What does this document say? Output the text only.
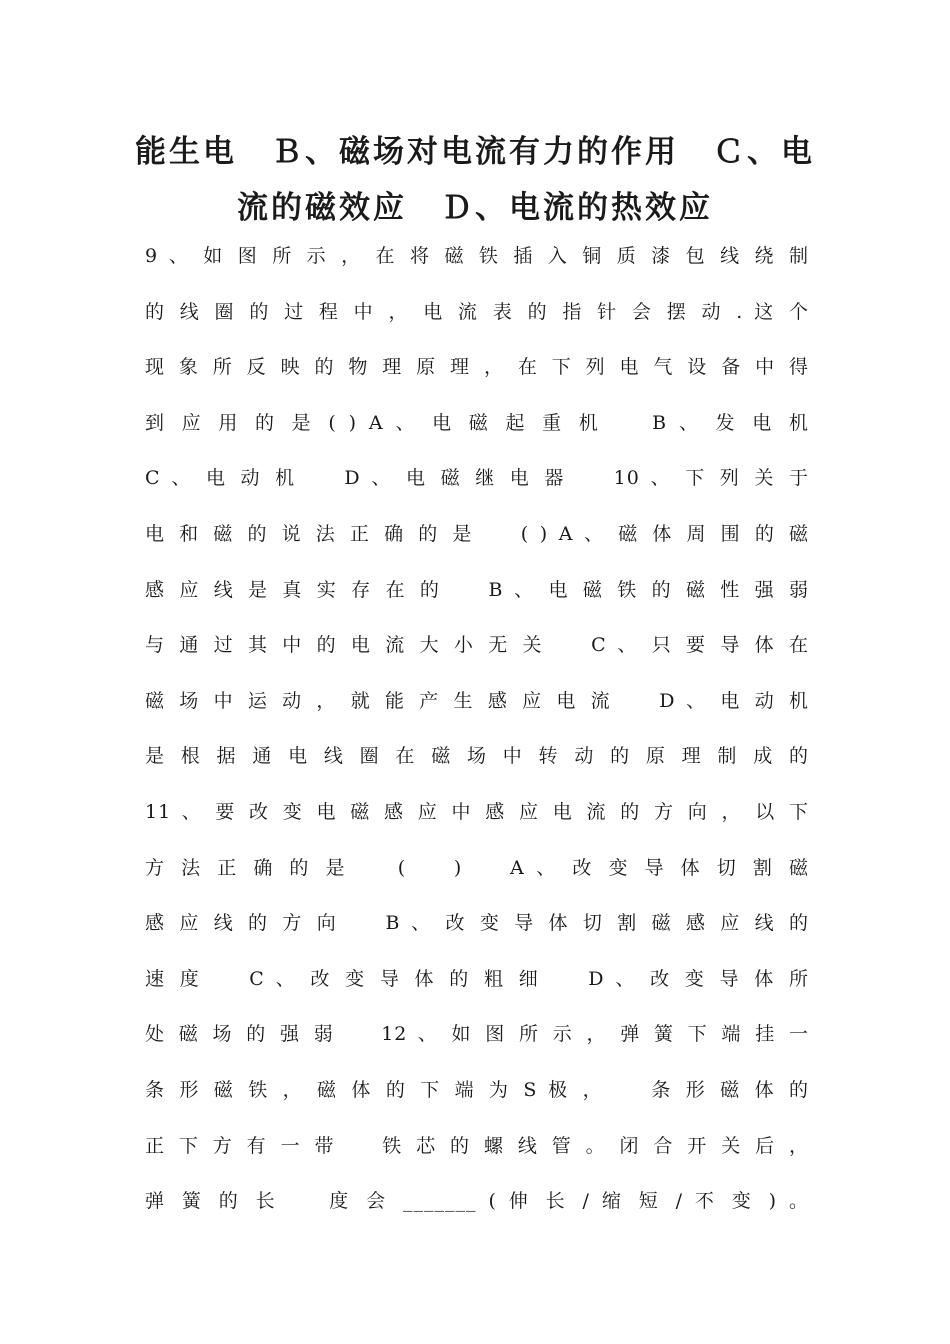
能生电　Ｂ、磁场对电流有力的作用　Ｃ、电
流的磁效应　Ｄ、电流的热效应
9 、 如 图 所 示 ， 在 将 磁 铁 插 入 铜 质 漆 包 线 绕 制
的 线 圈 的 过 程 中 ， 电 流 表 的 指 针 会 摆 动 . 这 个
现 象 所 反 映 的 物 理 原 理 ， 在 下 列 电 气 设 备 中 得
到 应 用 的 是 ( ) A 、 电 磁 起 重 机 　 B 、 发 电 机 　
C 、 电 动 机 　 D 、 电 磁 继 电 器 　 10 、 下 列 关 于
电 和 磁 的 说 法 正 确 的 是 　 ( ) A 、 磁 体 周 围 的 磁
感 应 线 是 真 实 存 在 的 　 B 、 电 磁 铁 的 磁 性 强 弱
与 通 过 其 中 的 电 流 大 小 无 关 　 C 、 只 要 导 体 在
磁 场 中 运 动 ， 就 能 产 生 感 应 电 流 　 D 、 电 动 机
是 根 据 通 电 线 圈 在 磁 场 中 转 动 的 原 理 制 成 的 　
11 、 要 改 变 电 磁 感 应 中 感 应 电 流 的 方 向 ， 以 下
方 法 正 确 的 是 　 ( 　 ) 　 A 、 改 变 导 体 切 割 磁
感 应 线 的 方 向 　 B 、 改 变 导 体 切 割 磁 感 应 线 的
速 度 　 C 、 改 变 导 体 的 粗 细 　 D 、 改 变 导 体 所
处 磁 场 的 强 弱 　 12 、 如 图 所 示 ， 弹 簧 下 端 挂 一
条 形 磁 铁 ， 磁 体 的 下 端 为 S 极 ， 　 条 形 磁 体 的
正 下 方 有 一 带 　 铁 芯 的 螺 线 管 。 闭 合 开 关 后 ，
弹 簧 的 长 　 度 会 _______ ( 伸 长 / 缩 短 / 不 变 ) 。
